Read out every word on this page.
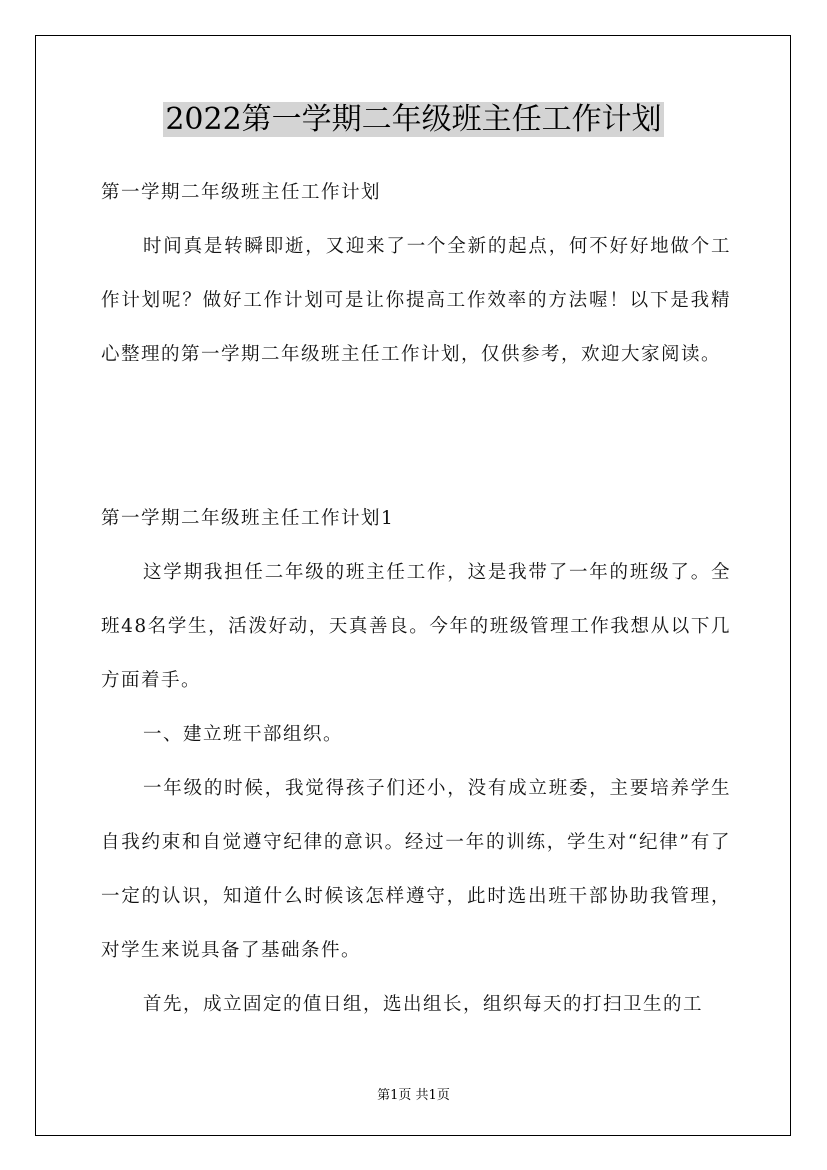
2022第一学期二年级班主任工作计划

第一学期二年级班主任工作计划

时间真是转瞬即逝，又迎来了一个全新的起点，何不好好地做个工作计划呢？做好工作计划可是让你提高工作效率的方法喔！以下是我精心整理的第一学期二年级班主任工作计划，仅供参考，欢迎大家阅读。

第一学期二年级班主任工作计划1

这学期我担任二年级的班主任工作，这是我带了一年的班级了。全班48名学生，活泼好动，天真善良。今年的班级管理工作我想从以下几方面着手。

一、建立班干部组织。

一年级的时候，我觉得孩子们还小，没有成立班委，主要培养学生自我约束和自觉遵守纪律的意识。经过一年的训练，学生对“纪律”有了一定的认识，知道什么时候该怎样遵守，此时选出班干部协助我管理，对学生来说具备了基础条件。

首先，成立固定的值日组，选出组长，组织每天的打扫卫生的工

第1页 共1页
